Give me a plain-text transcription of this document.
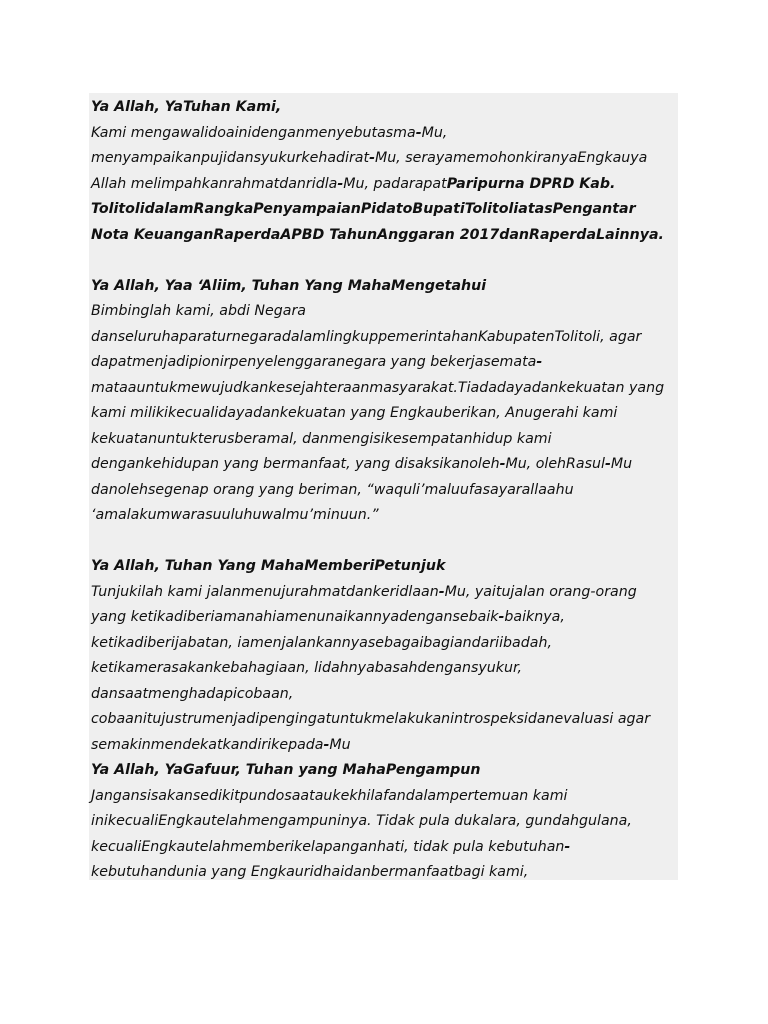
Ya Allah, YaTuhan Kami,
Kami mengawalidoainidenganmenyebutasma-Mu,
menyampaikanpujidansyukurkehadirat-Mu, serayamemohonkiranyaEngkauya
Allah melimpahkanrahmatdanridla-Mu, padarapatParipurna DPRD Kab.
TolitolidalamRangkaPenyampaianPidatoBupatiTolitoliatasPengantar
Nota KeuanganRaperdaAPBD TahunAnggaran 2017danRaperdaLainnya.
Ya Allah, Yaa ‘Aliim, Tuhan Yang MahaMengetahui
Bimbinglah kami, abdi Negara
danseluruhaparaturnegaradalamlingkuppemerintahanKabupatenTolitoli, agar
dapatmenjadipionirpenyelenggaranegara yang bekerjasemata-
mataauntukmewujudkankesejahteraanmasyarakat.Tiadadayadankekuatan yang
kami milikikecualidayadankekuatan yang Engkauberikan, Anugerahi kami
kekuatanuntukterusberamal, danmengisikesempatanhidup kami
dengankehidupan yang bermanfaat, yang disaksikanoleh-Mu, olehRasul-Mu
danolehsegenap orang yang beriman, “waquli’maluufasayarallaahu
‘amalakumwarasuuluhuwalmu’minuun.”
Ya Allah, Tuhan Yang MahaMemberiPetunjuk
Tunjukilah kami jalanmenujurahmatdankeridlaan-Mu, yaitujalan orang-orang
yang ketikadiberiamanahiamenunaikannyadengansebaik-baiknya,
ketikadiberijabatan, iamenjalankannyasebagaibagiandariibadah,
ketikamerasakankebahagiaan, lidahnyabasahdengansyukur,
dansaatmenghadapicobaan,
cobaanitujustrumenjadipengingatuntukmelakukanintrospeksidanevaluasi agar
semakinmendekatkandirikepada-Mu
Ya Allah, YaGafuur, Tuhan yang MahaPengampun
Jangansisakansedikitpundosaataukekhilafandalampertemuan kami
inikecualiEngkautelahmengampuninya. Tidak pula dukalara, gundahgulana,
kecualiEngkautelahmemberikelapanganhati, tidak pula kebutuhan-
kebutuhandunia yang Engkauridhaidanbermanfaatbagi kami,
